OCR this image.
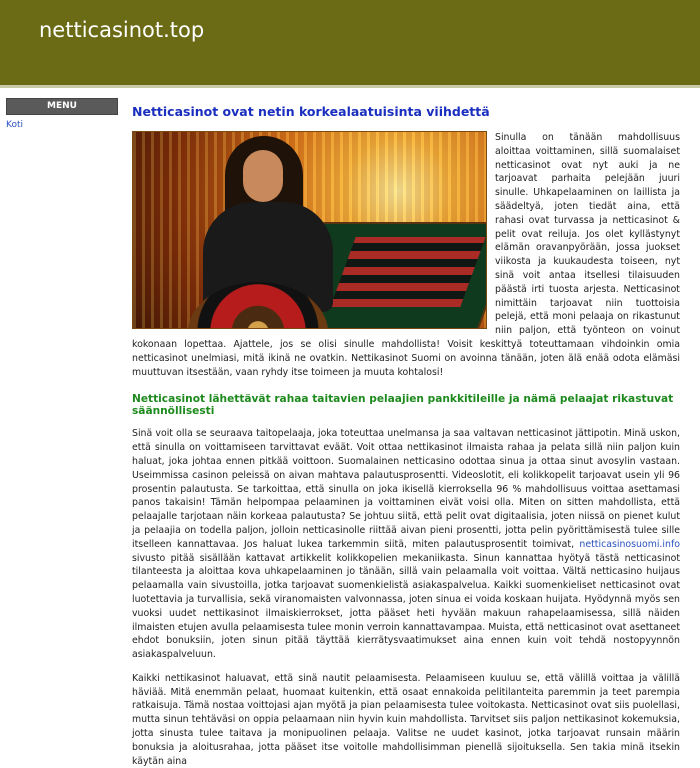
netticasinot.top
MENU
Koti
Netticasinot ovat netin korkealaatuisinta viihdettä
Sinulla on tänään mahdollisuus aloittaa voittaminen, sillä suomalaiset netticasinot ovat nyt auki ja ne tarjoavat parhaita pelejään juuri sinulle. Uhkapelaaminen on laillista ja säädeltyä, joten tiedät aina, että rahasi ovat turvassa ja netticasinot & pelit ovat reiluja. Jos olet kyllästynyt elämän oravanpyörään, jossa juokset viikosta ja kuukaudesta toiseen, nyt sinä voit antaa itsellesi tilaisuuden päästä irti tuosta arjesta. Netticasinot nimittäin tarjoavat niin tuottoisia pelejä, että moni pelaaja on rikastunut niin paljon, että työnteon on voinut kokonaan lopettaa. Ajattele, jos se olisi sinulle mahdollista! Voisit keskittyä toteuttamaan vihdoinkin omia netticasinot unelmiasi, mitä ikinä ne ovatkin. Nettikasinot Suomi on avoinna tänään, joten älä enää odota elämäsi muuttuvan itsestään, vaan ryhdy itse toimeen ja muuta kohtalosi!
Netticasinot lähettävät rahaa taitavien pelaajien pankkitileille ja nämä pelaajat rikastuvat säännöllisesti
Sinä voit olla se seuraava taitopelaaja, joka toteuttaa unelmansa ja saa valtavan netticasinot jättipotin. Minä uskon, että sinulla on voittamiseen tarvittavat eväät. Voit ottaa nettikasinot ilmaista rahaa ja pelata sillä niin paljon kuin haluat, joka johtaa ennen pitkää voittoon. Suomalainen netticasino odottaa sinua ja ottaa sinut avosylin vastaan. Useimmissa casinon peleissä on aivan mahtava palautusprosentti. Videoslotit, eli kolikkopelit tarjoavat usein yli 96 prosentin palautusta. Se tarkoittaa, että sinulla on joka ikisellä kierroksella 96 % mahdollisuus voittaa asettamasi panos takaisin! Tämän helpompaa pelaaminen ja voittaminen eivät voisi olla. Miten on sitten mahdollista, että pelaajalle tarjotaan näin korkeaa palautusta? Se johtuu siitä, että pelit ovat digitaalisia, joten niissä on pienet kulut ja pelaajia on todella paljon, jolloin netticasinolle riittää aivan pieni prosentti, jotta pelin pyörittämisestä tulee sille itselleen kannattavaa. Jos haluat lukea tarkemmin siitä, miten palautusprosentit toimivat, netticasinosuomi.info sivusto pitää sisällään kattavat artikkelit kolikkopelien mekaniikasta. Sinun kannattaa hyötyä tästä netticasinot tilanteesta ja aloittaa kova uhkapelaaminen jo tänään, sillä vain pelaamalla voit voittaa. Vältä netticasino huijaus pelaamalla vain sivustoilla, jotka tarjoavat suomenkielistä asiakaspalvelua. Kaikki suomenkieliset netticasinot ovat luotettavia ja turvallisia, sekä viranomaisten valvonnassa, joten sinua ei voida koskaan huijata. Hyödynnä myös sen vuoksi uudet nettikasinot ilmaiskierrokset, jotta pääset heti hyvään makuun rahapelaamisessa, sillä näiden ilmaisten etujen avulla pelaamisesta tulee monin verroin kannattavampaa. Muista, että netticasinot ovat asettaneet ehdot bonuksiin, joten sinun pitää täyttää kierrätysvaatimukset aina ennen kuin voit tehdä nostopyynnön asiakaspalveluun.
Kaikki nettikasinot haluavat, että sinä nautit pelaamisesta. Pelaamiseen kuuluu se, että välillä voittaa ja välillä häviää. Mitä enemmän pelaat, huomaat kuitenkin, että osaat ennakoida pelitilanteita paremmin ja teet parempia ratkaisuja. Tämä nostaa voittojasi ajan myötä ja pian pelaamisesta tulee voitokasta. Netticasinot ovat siis puolellasi, mutta sinun tehtäväsi on oppia pelaamaan niin hyvin kuin mahdollista. Tarvitset siis paljon nettikasinot kokemuksia, jotta sinusta tulee taitava ja monipuolinen pelaaja. Valitse ne uudet kasinot, jotka tarjoavat runsain määrin bonuksia ja aloitusrahaa, jotta pääset itse voitolle mahdollisimman pienellä sijoituksella. Sen takia minä itsekin käytän aina
